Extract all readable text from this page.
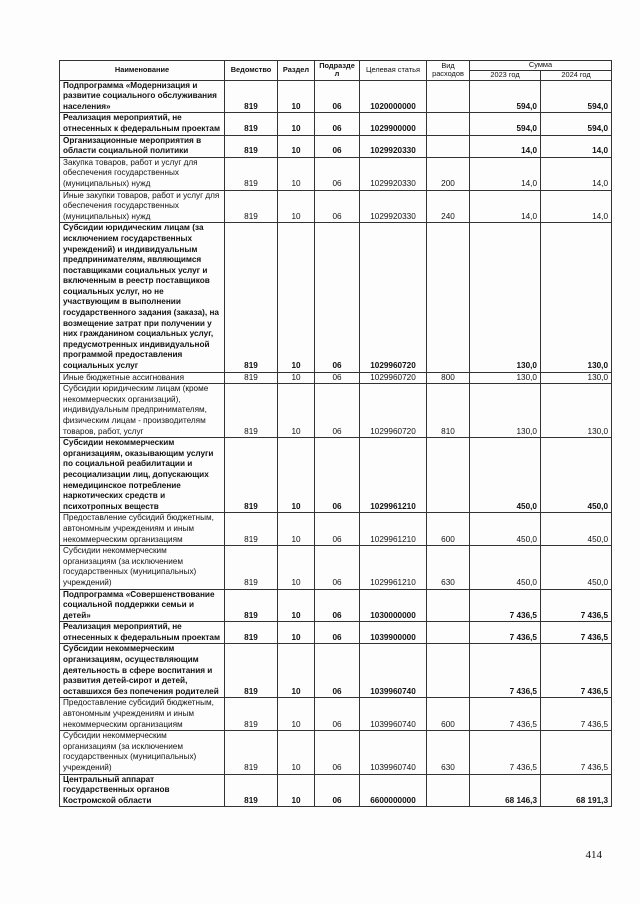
Наименование	Ведомство	Раздел	Подраздел	Целевая статья	Вид расходов	Сумма	
						2023 год	2024 год
Подпрограмма «Модернизация и развитие социального обслуживания населения»	819	10	06	1020000000		594,0	594,0
Реализация мероприятий, не отнесенных к федеральным проектам	819	10	06	1029900000		594,0	594,0
Организационные мероприятия в области социальной политики	819	10	06	1029920330		14,0	14,0
Закупка товаров, работ и услуг для обеспечения государственных (муниципальных) нужд	819	10	06	1029920330	200	14,0	14,0
Иные закупки товаров, работ и услуг для обеспечения государственных (муниципальных) нужд	819	10	06	1029920330	240	14,0	14,0
Субсидии юридическим лицам (за исключением государственных учреждений) и индивидуальным предпринимателям, являющимся поставщиками социальных услуг и включенным в реестр поставщиков социальных услуг, но не участвующим в выполнении государственного задания (заказа), на возмещение затрат при получении у них гражданином социальных услуг, предусмотренных индивидуальной программой предоставления социальных услуг	819	10	06	1029960720		130,0	130,0
Иные бюджетные ассигнования	819	10	06	1029960720	800	130,0	130,0
Субсидии юридическим лицам (кроме некоммерческих организаций), индивидуальным предпринимателям, физическим лицам - производителям товаров, работ, услуг	819	10	06	1029960720	810	130,0	130,0
Субсидии некоммерческим организациям, оказывающим услуги по социальной реабилитации и ресоциализации лиц, допускающих немедицинское потребление наркотических средств и психотропных веществ	819	10	06	1029961210		450,0	450,0
Предоставление субсидий бюджетным, автономным учреждениям и иным некоммерческим организациям	819	10	06	1029961210	600	450,0	450,0
Субсидии некоммерческим организациям (за исключением государственных (муниципальных) учреждений)	819	10	06	1029961210	630	450,0	450,0
Подпрограмма «Совершенствование социальной поддержки семьи и детей»	819	10	06	1030000000		7 436,5	7 436,5
Реализация мероприятий, не отнесенных к федеральным проектам	819	10	06	1039900000		7 436,5	7 436,5
Субсидии некоммерческим организациям, осуществляющим деятельность в сфере воспитания и развития детей-сирот и детей, оставшихся без попечения родителей	819	10	06	1039960740		7 436,5	7 436,5
Предоставление субсидий бюджетным, автономным учреждениям и иным некоммерческим организациям	819	10	06	1039960740	600	7 436,5	7 436,5
Субсидии некоммерческим организациям (за исключением государственных (муниципальных) учреждений)	819	10	06	1039960740	630	7 436,5	7 436,5
Центральный аппарат государственных органов Костромской области	819	10	06	6600000000		68 146,3	68 191,3
414
